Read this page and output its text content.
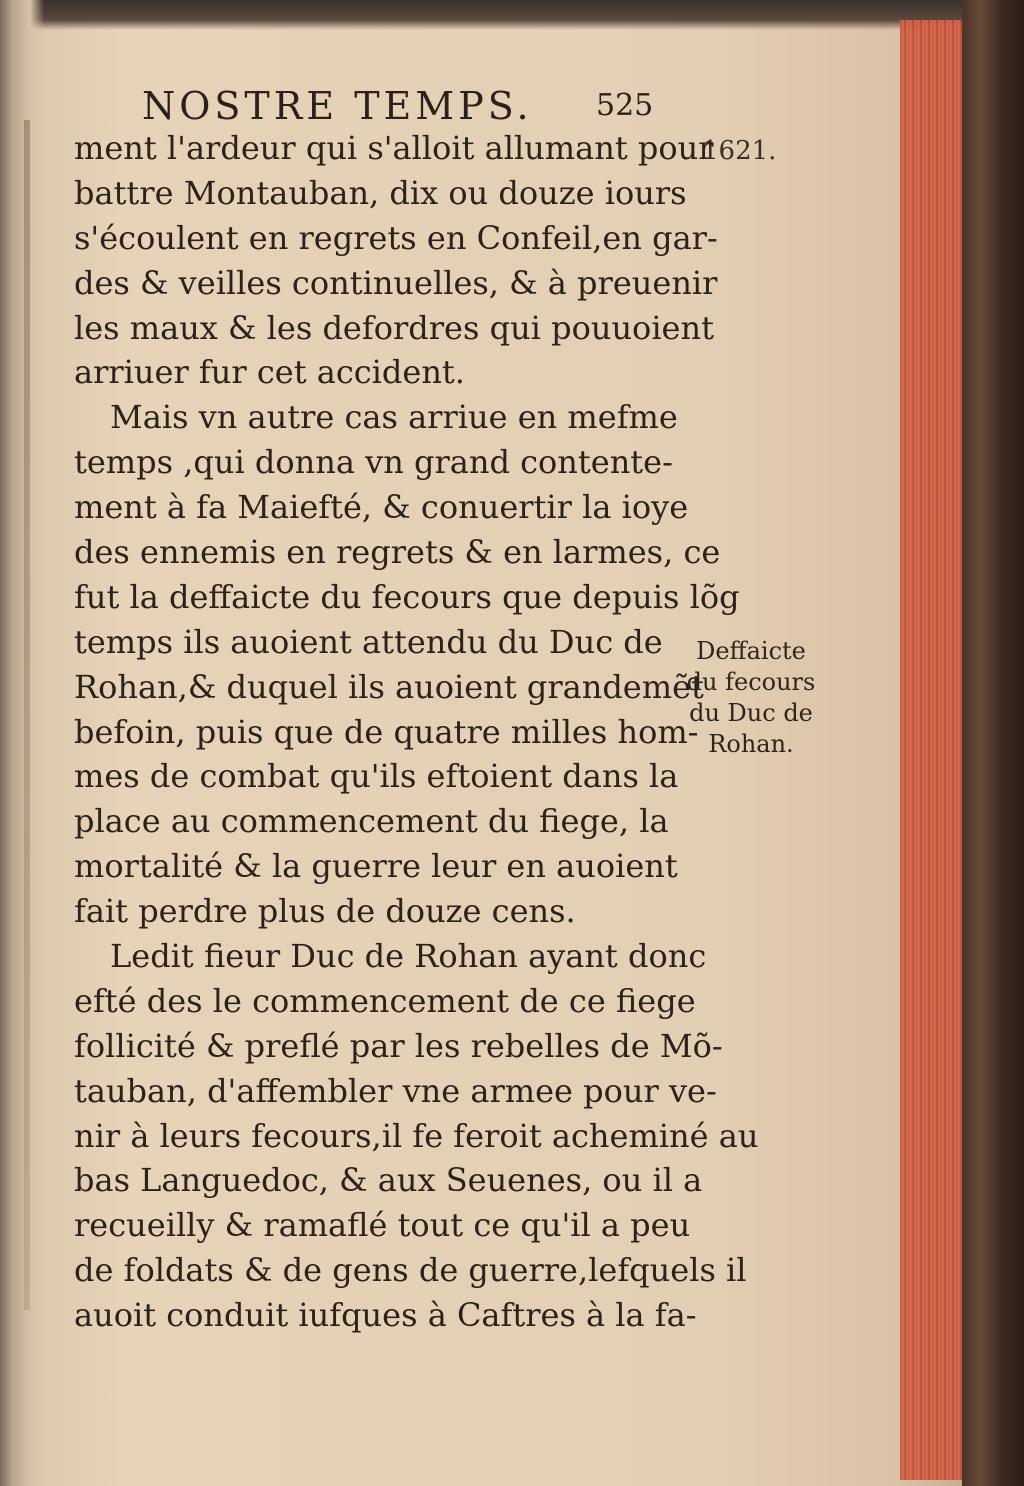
NOSTRE TEMPS. 525
1621.
ment l'ardeur qui s'alloit allumant pour
battre Montauban, dix ou douze iours
s'écoulent en regrets en Confeil,en gar-
des & veilles continuelles, & à preuenir
les maux & les defordres qui pouuoient
arriuer fur cet accident.
Mais vn autre cas arriue en mefme
temps ,qui donna vn grand contente-
ment à fa Maiefté, & conuertir la ioye
des ennemis en regrets & en larmes, ce
fut la deffaicte du fecours que depuis lõg
temps ils auoient attendu du Duc de
Rohan,& duquel ils auoient grandemẽt
befoin, puis que de quatre milles hom-
mes de combat qu'ils eftoient dans la
place au commencement du fiege, la
mortalité & la guerre leur en auoient
fait perdre plus de douze cens.
Ledit fieur Duc de Rohan ayant donc
efté des le commencement de ce fiege
follicité & preflé par les rebelles de Mõ-
tauban, d'affembler vne armee pour ve-
nir à leurs fecours,il fe feroit acheminé au
bas Languedoc, & aux Seuenes, ou il a
recueilly & ramaflé tout ce qu'il a peu
de foldats & de gens de guerre,lefquels il
auoit conduit iufques à Caftres à la fa-
Deffaicte
du fecours
du Duc de
Rohan.
